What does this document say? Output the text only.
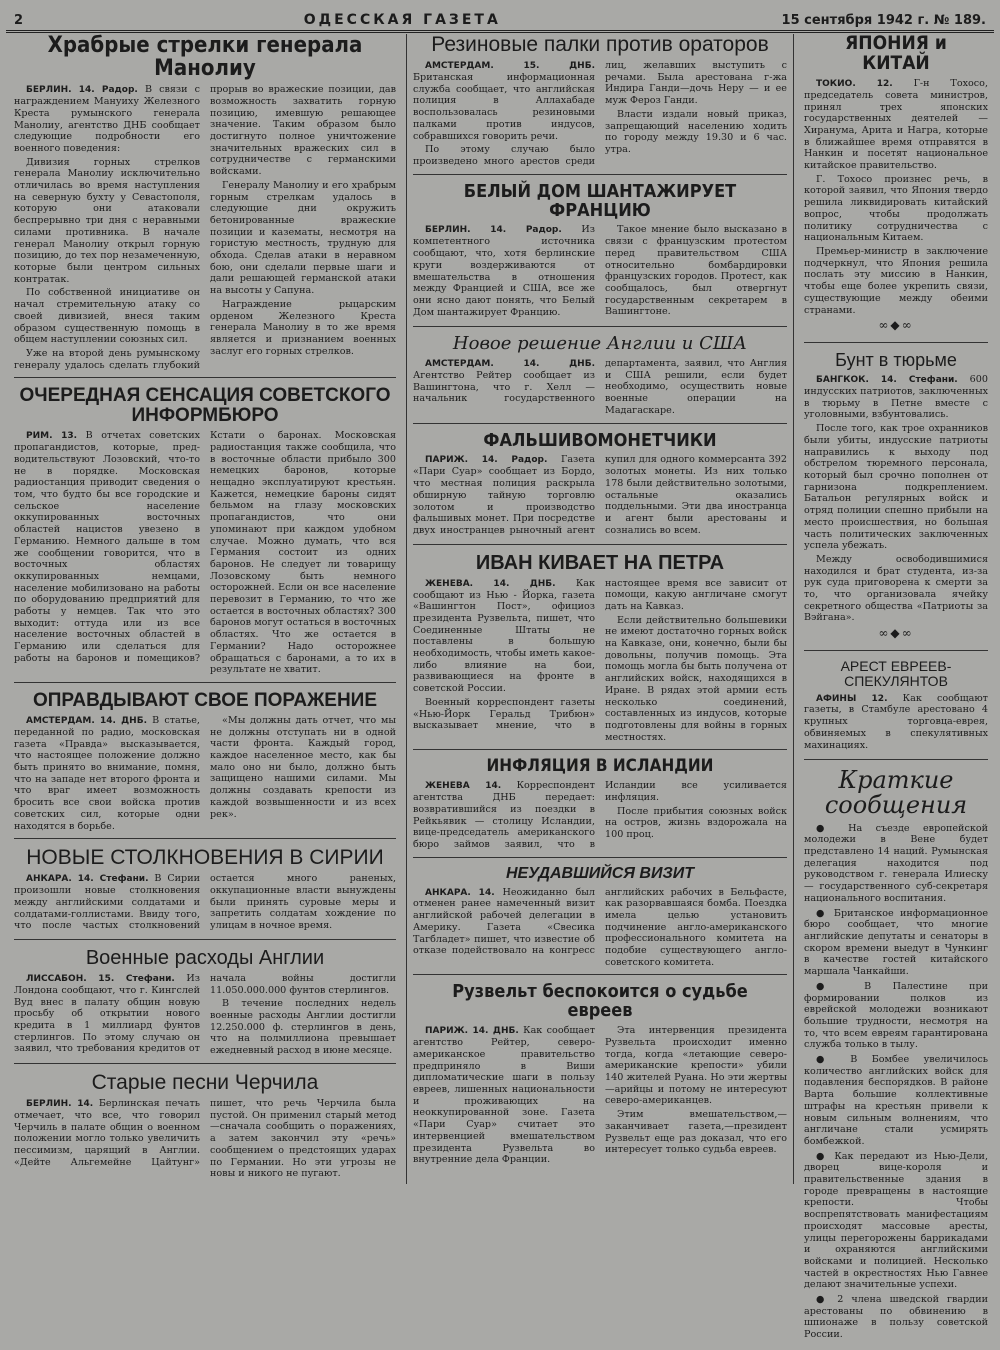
2	ОДЕССКАЯ ГАЗЕТА	15 сентября 1942 г. № 189.
Храбрые стрелки генерала Манолиу

БЕРЛИН. 14. Радор. В связи с награждением Мануиху Железного Креста румынского генерала Манолиу, агентство ДНБ сообщает следующие подробности его военного поведения:

Дивизия горных стрелков генерала Манолиу исключительно отличилась во время наступления на северную бухту у Севастополя, которую они атаковали беспрерывно три дня с неравными силами противника. В начале генерал Манолиу открыл горную позицию, до тех пор незамеченную, которые были центром сильных контратак.

По собственной инициативе он начал стремительную атаку со своей дивизией, внеся таким образом существенную помощь в общем наступлении союзных сил.

Уже на второй день румынскому генералу удалось сделать глубокий прорыв во вражеские позиции, дав возможность захватить горную позицию, имевшую решающее значение. Таким образом было достигнуто полное уничтожение значительных вражеских сил в сотрудничестве с германскими войсками.

Генералу Манолиу и его храбрым горным стрелкам удалось в следующие дни окружить бетонированные вражеские позиции и казематы, несмотря на гористую местность, трудную для обхода. Сделав атаки в неравном бою, они сделали первые шаги и дали решающей германской атаки на высоты у Сапуна.

Награждение рыцарским орденом Железного Креста генерала Манолиу в то же время является и признанием военных заслуг его горных стрелков.

ОЧЕРЕДНАЯ СЕНСАЦИЯ СОВЕТСКОГО ИНФОРМБЮРО

РИМ. 13. В отчетах советских пропагандистов, которые, пред-водительствуют Лозовский, что-то не в порядке. Московская радиостанция приводит сведения о том, что будто бы все городские и сельское население оккупированных восточных областей нацистов увезено в Германию. Немного дальше в том же сообщении говорится, что в восточных областях оккупированных немцами, население мобилизовано на работы по оборудованию предприятий для работы у немцев. Так что это выходит: оттуда или из все население восточных областей в Германию или сделаться для работы на баронов и помещиков? Кстати о баронах. Московская радиостанция также сообщила, что в восточные области прибыло 300 немецких баронов, которые нещадно эксплуатируют крестьян. Кажется, немецкие бароны сидят бельмом на глазу московских пропагандистов, что они упоминают при каждом удобном случае. Можно думать, что вся Германия состоит из одних баронов. Не следует ли товарищу Лозовскому быть немного осторожней. Если он все население перевозит в Германию, то что же остается в восточных областях? 300 баронов могут остаться в восточных областях. Что же остается в Германии? Надо осторожнее обращаться с баронами, а то их в результате не хватит.

ОПРАВДЫВАЮТ СВОЕ ПОРАЖЕНИЕ

АМСТЕРДАМ. 14. ДНБ. В статье, переданной по радио, московская газета «Правда» высказывается, что настоящее положение должно быть принято во внимание, помня, что на западе нет второго фронта и что враг имеет возможность бросить все свои войска против советских сил, которые одни находятся в борьбе.

«Мы должны дать отчет, что мы не должны отступать ни в одной части фронта. Каждый город, каждое населенное место, как бы мало оно ни было, должно быть защищено нашими силами. Мы должны создавать крепости из каждой возвышенности и из всех рек».

НОВЫЕ СТОЛКНОВЕНИЯ В СИРИИ

АНКАРА. 14. Стефани. В Сирии произошли новые столкновения между английскими солдатами и солдатами-голлистами. Ввиду того, что после частых столкновений остается много раненых, оккупационные власти вынуждены были принять суровые меры и запретить солдатам хождение по улицам в ночное время.

Военные расходы Англии

ЛИССАБОН. 15. Стефани. Из Лондона сообщают, что г. Кингслей Вуд внес в палату общин новую просьбу об открытии нового кредита в 1 миллиард фунтов стерлингов. По этому случаю он заявил, что требования кредитов от начала войны достигли 11.050.000.000 фунтов стерлингов.

В течение последних недель военные расходы Англии достигли 12.250.000 ф. стерлингов в день, что на полмиллиона превышает ежедневный расход в июне месяце.

Старые песни Черчила

БЕРЛИН. 14. Берлинская печать отмечает, что все, что говорил Черчиль в палате общин о военном положении могло только увеличить пессимизм, царящий в Англии. «Дейте Альгемейне Цайтунг» пишет, что речь Черчила была пустой. Он применил старый метод—сначала сообщить о поражениях, а затем закончил эту «речь» сообщением о предстоящих ударах по Германии. Но эти угрозы не новы и никого не пугают.

Резиновые палки против ораторов

АМСТЕРДАМ. 15. ДНБ. Британская информационная служба сообщает, что английская полиция в Аллахабаде воспользовалась резиновыми палками против индусов, собравшихся говорить речи.

По этому случаю было произведено много арестов среди лиц, желавших выступить с речами. Была арестована г-жа Индира Ганди—дочь Неру — и ее муж Фероз Ганди.

Власти издали новый приказ, запрещающий населению ходить по городу между 19.30 и 6 час. утра.

БЕЛЫЙ ДОМ ШАНТАЖИРУЕТ ФРАНЦИЮ

БЕРЛИН. 14. Радор. Из компетентного источника сообщают, что, хотя берлинские круги воздерживаются от вмешательства в отношения между Францией и США, все же они ясно дают понять, что Белый Дом шантажирует Францию.

Такое мнение было высказано в связи с французским протестом перед правительством США относительно бомбардировки французских городов. Протест, как сообщалось, был отвергнут государственным секретарем в Вашингтоне.

Новое решение Англии и США

АМСТЕРДАМ. 14. ДНБ. Агентство Рейтер сообщает из Вашингтона, что г. Хелл — начальник государственного департамента, заявил, что Англия и США решили, если будет необходимо, осуществить новые военные операции на Мадагаскаре.

ФАЛЬШИВОМОНЕТЧИКИ

ПАРИЖ. 14. Радор. Газета «Пари Суар» сообщает из Бордо, что местная полиция раскрыла обширную тайную торговлю золотом и производство фальшивых монет. При посредстве двух иностранцев рыночный агент купил для одного коммерсанта 392 золотых монеты. Из них только 178 были действительно золотыми, остальные оказались поддельными. Эти два иностранца и агент были арестованы и сознались во всем.

ИВАН КИВАЕТ НА ПЕТРА

ЖЕНЕВА. 14. ДНБ. Как сообщают из Нью - Йорка, газета «Вашингтон Пост», официоз президента Рузвельта, пишет, что Соединенные Штаты не поставлены в большую необходимость, чтобы иметь какое-либо влияние на бои, развивающиеся на фронте в советской России.

Военный корреспондент газеты «Нью-Йорк Геральд Трибюн» высказывает мнение, что в настоящее время все зависит от помощи, какую англичане смогут дать на Кавказ.

Если действительно большевики не имеют достаточно горных войск на Кавказе, они, конечно, были бы довольны, получив помощь. Эта помощь могла бы быть получена от английских войск, находящихся в Иране. В рядах этой армии есть несколько соединений, составленных из индусов, которые подготовлены для войны в горных местностях.

ИНФЛЯЦИЯ В ИСЛАНДИИ

ЖЕНЕВА 14. Корреспондент агентства ДНБ передает: возвратившийся из поездки в Рейкьявик — столицу Исландии, вице-председатель американского бюро займов заявил, что в Исландии все усиливается инфляция.

После прибытия союзных войск на остров, жизнь вздорожала на 100 проц.

НЕУДАВШИЙСЯ ВИЗИТ

АНКАРА. 14. Неожиданно был отменен ранее намеченный визит английской рабочей делегации в Америку. Газета «Свесика Тагбладет» пишет, что известие об отказе подействовало на конгресс английских рабочих в Бельфасте, как разорвавшаяся бомба. Поездка имела целью установить подчинение англо-американского профессионального комитета на подобие существующего англо-советского комитета.

Рузвельт беспокоится о судьбе евреев

ПАРИЖ. 14. ДНБ. Как сообщает агентство Рейтер, северо-американское правительство предприняло в Виши дипломатические шаги в пользу евреев, лишенных национальности и проживающих на неоккупированной зоне. Газета «Пари Суар» считает это интервенцией вмешательством президента Рузвельта во внутренние дела Франции.

Эта интервенция президента Рузвельта происходит именно тогда, когда «летающие северо-американские крепости» убили 140 жителей Руана. Но эти жертвы—арийцы и потому не интересуют северо-американцев.

Этим вмешательством,—заканчивает газета,—президент Рузвельт еще раз доказал, что его интересует только судьба евреев.

ЯПОНИЯ и КИТАЙ

ТОКИО. 12. Г-н Тохосо, председатель совета министров, принял трех японских государственных деятелей — Хиранума, Арита и Награ, которые в ближайшее время отправятся в Нанкин и посетят национальное китайское правительство.

Г. Тохосо произнес речь, в которой заявил, что Япония твердо решила ликвидировать китайский вопрос, чтобы продолжать политику сотрудничества с национальным Китаем.

Премьер-министр в заключение подчеркнул, что Япония решила послать эту миссию в Нанкин, чтобы еще более укрепить связи, существующие между обеими странами.

∞◆∞
Бунт в тюрьме

БАНГКОК. 14. Стефани. 600 индусских патриотов, заключенных в тюрьму в Петне вместе с уголовными, взбунтовались.

После того, как трое охранников были убиты, индусские патриоты направились к выходу под обстрелом тюремного персонала, который был срочно пополнен от гарнизона подкреплением. Батальон регулярных войск и отряд полиции спешно прибыли на место происшествия, но большая часть политических заключенных успела убежать.

Между освободившимися находился и брат студента, из-за рук суда приговорена к смерти за то, что организовала ячейку секретного общества «Патриоты за Вэйгана».

∞◆∞
АРЕСТ ЕВРЕЕВ-СПЕКУЛЯНТОВ

АФИНЫ 12. Как сообщают газеты, в Стамбуле арестовано 4 крупных торговца-еврея, обвиняемых в спекулятивных махинациях.

Краткие сообщения

● На съезде европейской молодежи в Вене будет представлено 14 наций. Румынская делегация находится под руководством г. генерала Илиеску — государственного суб-секретаря национального воспитания.

● Британское информационное бюро сообщает, что многие английские депутаты и сенаторы в скором времени выедут в Чункинг в качестве гостей китайского маршала Чанкайши.

● В Палестине при формировании полков из еврейской молодежи возникают большие трудности, несмотря на то, что всем евреям гарантирована служба только в тылу.

● В Бомбее увеличилось количество английских войск для подавления беспорядков. В районе Варта большие коллективные штрафы на крестьян привели к новым сильным волнениям, что англичане стали усмирять бомбежкой.

● Как передают из Нью-Дели, дворец вице-короля и правительственные здания в городе превращены в настоящие крепости. Чтобы воспрепятствовать манифестациям происходят массовые аресты, улицы перегорожены баррикадами и охраняются английскими войсками и полицией. Несколько частей в окрестностях Нью Гавнее делают значительные успехи.

● 2 члена шведской гвардии арестованы по обвинению в шпионаже в пользу советской России.
